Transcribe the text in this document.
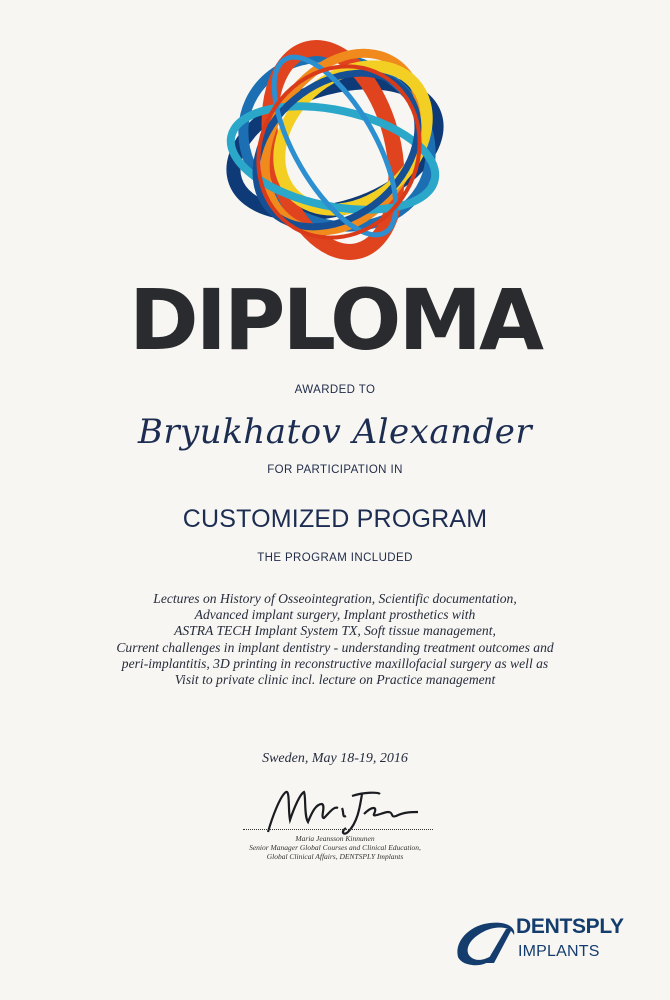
DIPLOMA
AWARDED TO
Bryukhatov Alexander
FOR PARTICIPATION IN
CUSTOMIZED PROGRAM
THE PROGRAM INCLUDED
Lectures on History of Osseointegration, Scientific documentation,
Advanced implant surgery, Implant prosthetics with
ASTRA TECH Implant System TX, Soft tissue management,
Current challenges in implant dentistry - understanding treatment outcomes and
peri-implantitis, 3D printing in reconstructive maxillofacial surgery as well as
Visit to private clinic incl. lecture on Practice management
Sweden, May 18-19, 2016
Maria Jeansson Kinnunen
Senior Manager Global Courses and Clinical Education,
Global Clinical Affairs, DENTSPLY Implants
DENTSPLY
IMPLANTS
